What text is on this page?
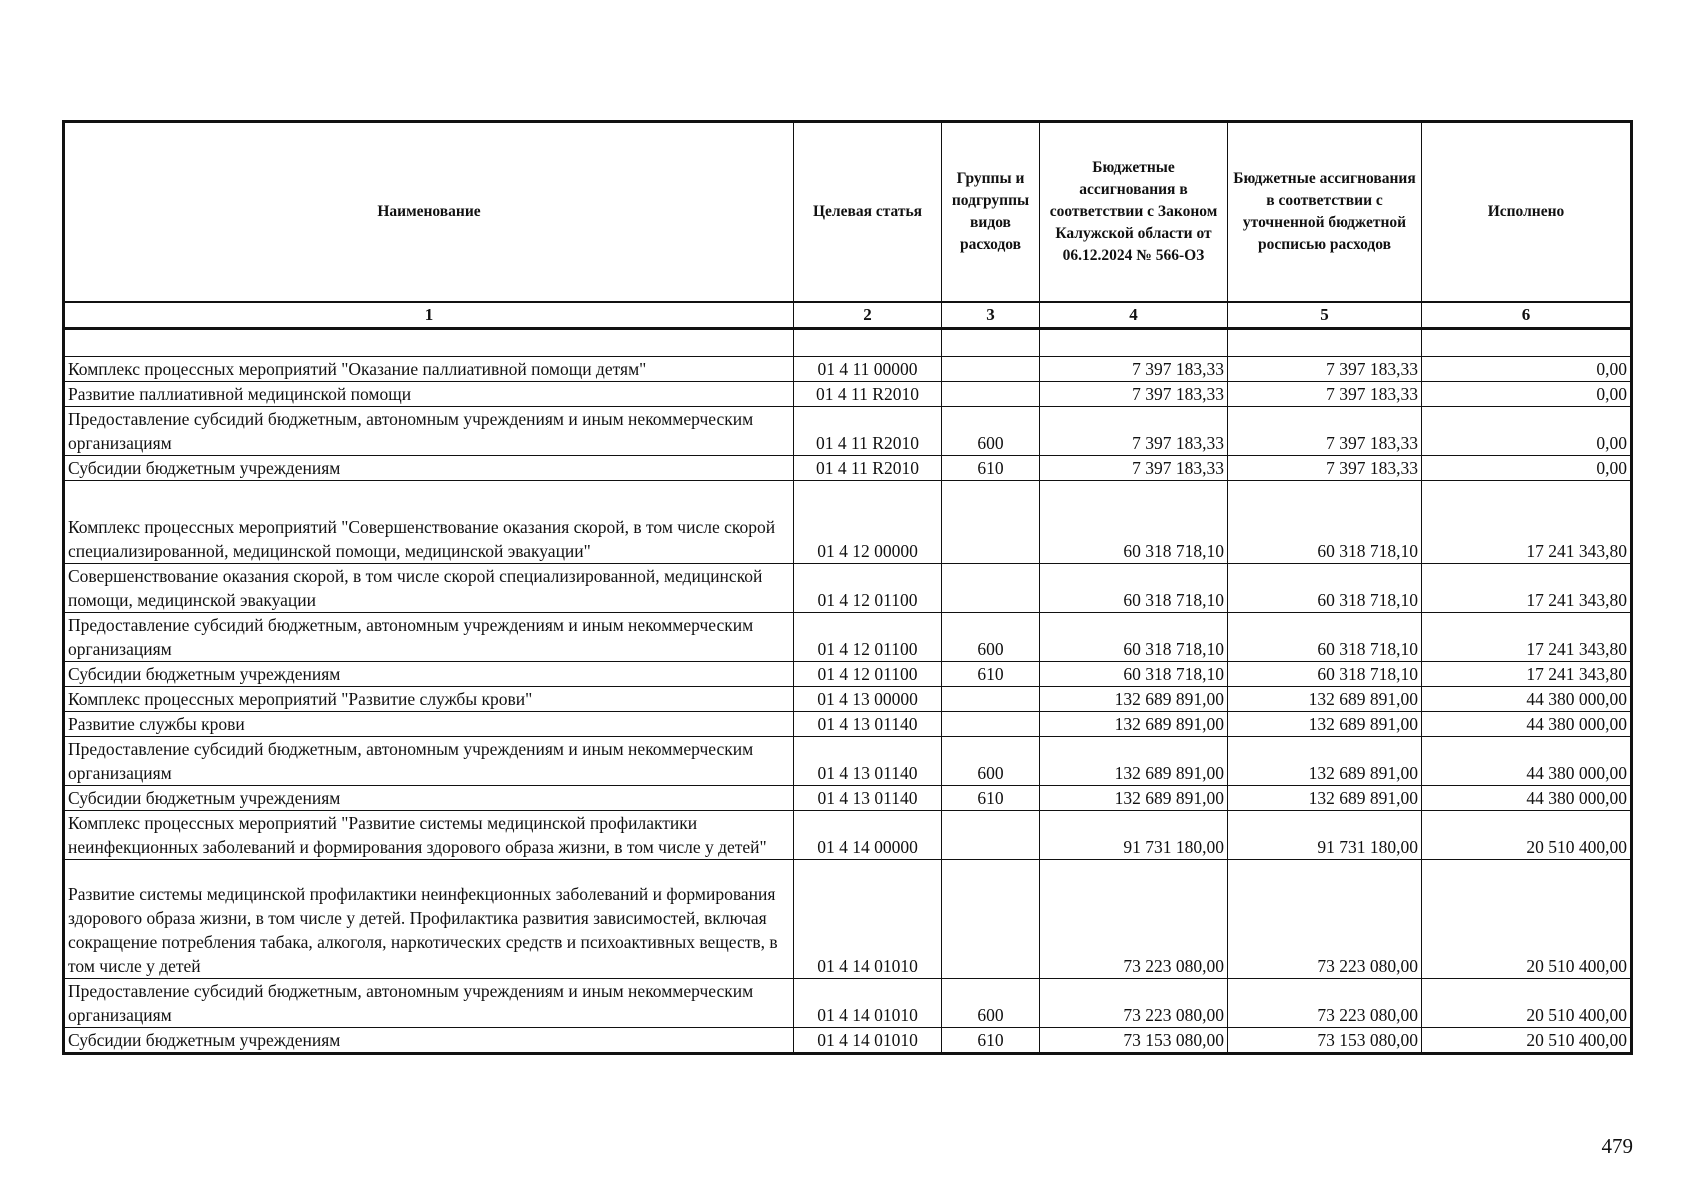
Наименование	Целевая статья	Группы и подгруппы видов расходов	Бюджетные ассигнования в соответствии с Законом Калужской области от 06.12.2024 № 566-ОЗ	Бюджетные ассигнования в соответствии с уточненной бюджетной росписью расходов	Исполнено
1	2	3	4	5	6

Комплекс процессных мероприятий "Оказание паллиативной помощи детям"	01 4 11 00000		7 397 183,33	7 397 183,33	0,00
Развитие паллиативной медицинской помощи	01 4 11 R2010		7 397 183,33	7 397 183,33	0,00
Предоставление субсидий бюджетным, автономным учреждениям и иным некоммерческим организациям	01 4 11 R2010	600	7 397 183,33	7 397 183,33	0,00
Субсидии бюджетным учреждениям	01 4 11 R2010	610	7 397 183,33	7 397 183,33	0,00
Комплекс процессных мероприятий "Совершенствование оказания скорой, в том числе скорой специализированной, медицинской помощи, медицинской эвакуации"	01 4 12 00000		60 318 718,10	60 318 718,10	17 241 343,80
Совершенствование оказания скорой, в том числе скорой специализированной, медицинской помощи, медицинской эвакуации	01 4 12 01100		60 318 718,10	60 318 718,10	17 241 343,80
Предоставление субсидий бюджетным, автономным учреждениям и иным некоммерческим организациям	01 4 12 01100	600	60 318 718,10	60 318 718,10	17 241 343,80
Субсидии бюджетным учреждениям	01 4 12 01100	610	60 318 718,10	60 318 718,10	17 241 343,80
Комплекс процессных мероприятий "Развитие службы крови"	01 4 13 00000		132 689 891,00	132 689 891,00	44 380 000,00
Развитие службы крови	01 4 13 01140		132 689 891,00	132 689 891,00	44 380 000,00
Предоставление субсидий бюджетным, автономным учреждениям и иным некоммерческим организациям	01 4 13 01140	600	132 689 891,00	132 689 891,00	44 380 000,00
Субсидии бюджетным учреждениям	01 4 13 01140	610	132 689 891,00	132 689 891,00	44 380 000,00
Комплекс процессных мероприятий "Развитие системы медицинской профилактики неинфекционных заболеваний и формирования здорового образа жизни, в том числе у детей"	01 4 14 00000		91 731 180,00	91 731 180,00	20 510 400,00
Развитие системы медицинской профилактики неинфекционных заболеваний и формирования здорового образа жизни, в том числе у детей. Профилактика развития зависимостей, включая сокращение потребления табака, алкоголя, наркотических средств и психоактивных веществ, в том числе у детей	01 4 14 01010		73 223 080,00	73 223 080,00	20 510 400,00
Предоставление субсидий бюджетным, автономным учреждениям и иным некоммерческим организациям	01 4 14 01010	600	73 223 080,00	73 223 080,00	20 510 400,00
Субсидии бюджетным учреждениям	01 4 14 01010	610	73 153 080,00	73 153 080,00	20 510 400,00
479
